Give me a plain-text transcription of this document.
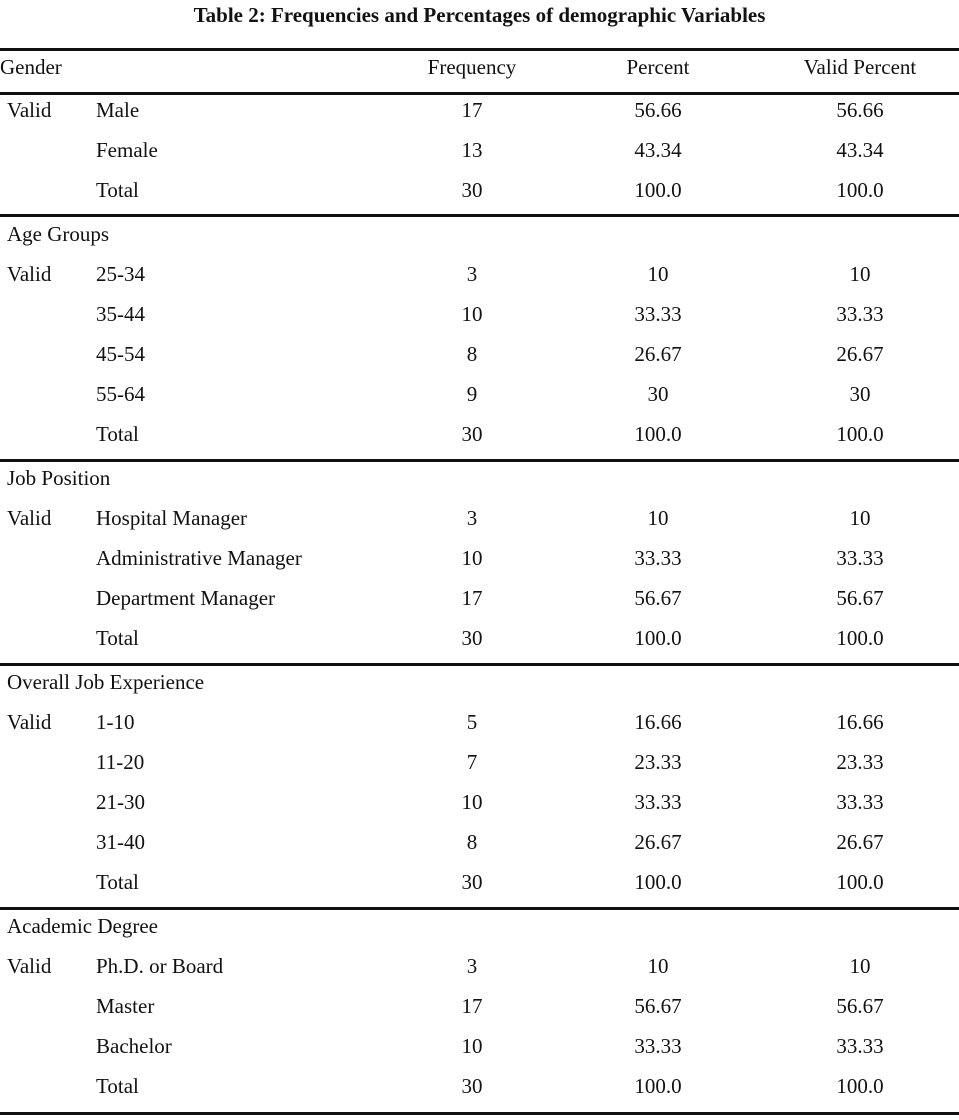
Table 2: Frequencies and Percentages of demographic Variables
Gender	Frequency	Percent	Valid Percent
Valid Male	17	56.66	56.66
Female	13	43.34	43.34
Total	30	100.0	100.0
Age Groups
Valid 25-34	3	10	10
35-44	10	33.33	33.33
45-54	8	26.67	26.67
55-64	9	30	30
Total	30	100.0	100.0
Job Position
Valid Hospital Manager	3	10	10
Administrative Manager	10	33.33	33.33
Department Manager	17	56.67	56.67
Total	30	100.0	100.0
Overall Job Experience
Valid 1-10	5	16.66	16.66
11-20	7	23.33	23.33
21-30	10	33.33	33.33
31-40	8	26.67	26.67
Total	30	100.0	100.0
Academic Degree
Valid Ph.D. or Board	3	10	10
Master	17	56.67	56.67
Bachelor	10	33.33	33.33
Total	30	100.0	100.0
